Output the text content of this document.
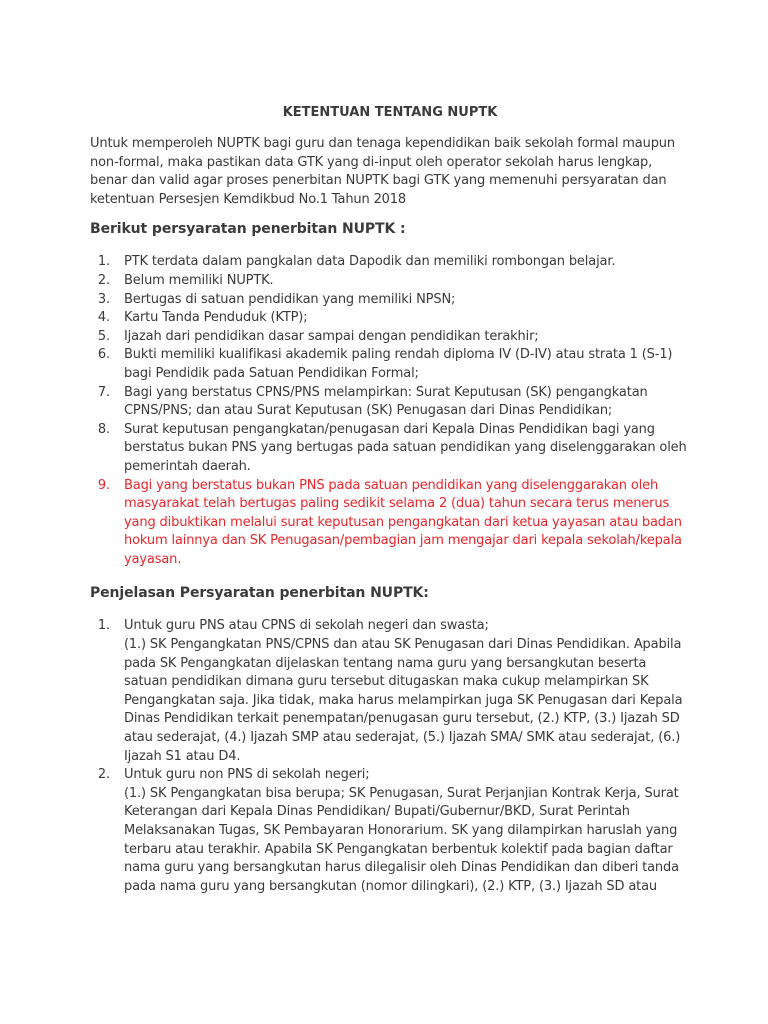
KETENTUAN TENTANG NUPTK
Untuk memperoleh NUPTK bagi guru dan tenaga kependidikan baik sekolah formal maupun non-formal, maka pastikan data GTK yang di-input oleh operator sekolah harus lengkap, benar dan valid agar proses penerbitan NUPTK bagi GTK yang memenuhi persyaratan dan ketentuan Persesjen Kemdikbud No.1 Tahun 2018
Berikut persyaratan penerbitan NUPTK :
1. PTK terdata dalam pangkalan data Dapodik dan memiliki rombongan belajar.
2. Belum memiliki NUPTK.
3. Bertugas di satuan pendidikan yang memiliki NPSN;
4. Kartu Tanda Penduduk (KTP);
5. Ijazah dari pendidikan dasar sampai dengan pendidikan terakhir;
6. Bukti memiliki kualifikasi akademik paling rendah diploma IV (D-IV) atau strata 1 (S-1) bagi Pendidik pada Satuan Pendidikan Formal;
7. Bagi yang berstatus CPNS/PNS melampirkan: Surat Keputusan (SK) pengangkatan CPNS/PNS; dan atau Surat Keputusan (SK) Penugasan dari Dinas Pendidikan;
8. Surat keputusan pengangkatan/penugasan dari Kepala Dinas Pendidikan bagi yang berstatus bukan PNS yang bertugas pada satuan pendidikan yang diselenggarakan oleh pemerintah daerah.
9. Bagi yang berstatus bukan PNS pada satuan pendidikan yang diselenggarakan oleh masyarakat telah bertugas paling sedikit selama 2 (dua) tahun secara terus menerus yang dibuktikan melalui surat keputusan pengangkatan dari ketua yayasan atau badan hokum lainnya dan SK Penugasan/pembagian jam mengajar dari kepala sekolah/kepala yayasan.
Penjelasan Persyaratan penerbitan NUPTK:
1. Untuk guru PNS atau CPNS di sekolah negeri dan swasta;
(1.) SK Pengangkatan PNS/CPNS dan atau SK Penugasan dari Dinas Pendidikan. Apabila pada SK Pengangkatan dijelaskan tentang nama guru yang bersangkutan beserta satuan pendidikan dimana guru tersebut ditugaskan maka cukup melampirkan SK Pengangkatan saja. Jika tidak, maka harus melampirkan juga SK Penugasan dari Kepala Dinas Pendidikan terkait penempatan/penugasan guru tersebut, (2.) KTP, (3.) Ijazah SD atau sederajat, (4.) Ijazah SMP atau sederajat, (5.) Ijazah SMA/ SMK atau sederajat, (6.) Ijazah S1 atau D4.
2. Untuk guru non PNS di sekolah negeri;
(1.) SK Pengangkatan bisa berupa; SK Penugasan, Surat Perjanjian Kontrak Kerja, Surat Keterangan dari Kepala Dinas Pendidikan/ Bupati/Gubernur/BKD, Surat Perintah Melaksanakan Tugas, SK Pembayaran Honorarium. SK yang dilampirkan haruslah yang terbaru atau terakhir. Apabila SK Pengangkatan berbentuk kolektif pada bagian daftar nama guru yang bersangkutan harus dilegalisir oleh Dinas Pendidikan dan diberi tanda pada nama guru yang bersangkutan (nomor dilingkari), (2.) KTP, (3.) Ijazah SD atau
